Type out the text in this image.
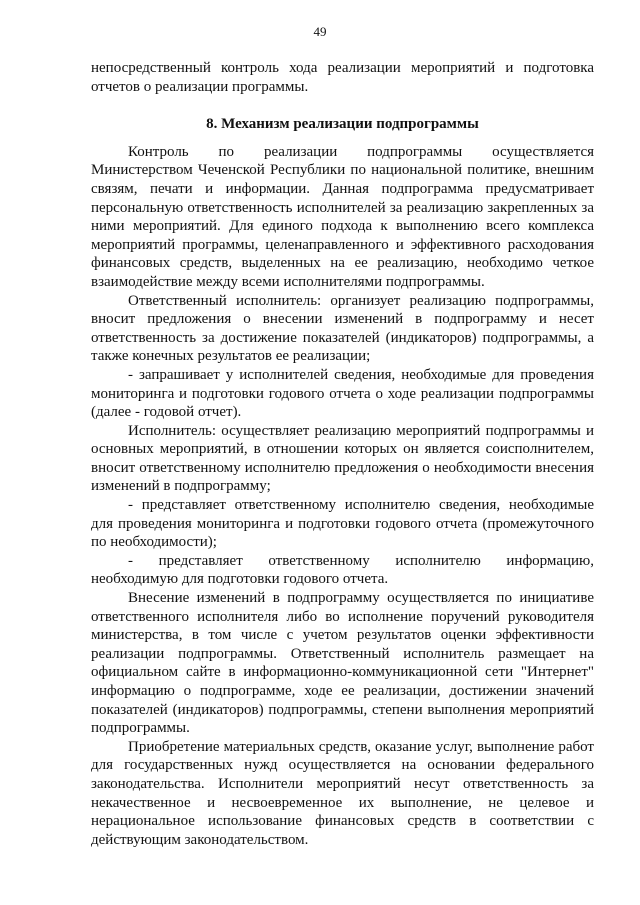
49

непосредственный контроль хода реализации мероприятий и подготовка отчетов о реализации программы.

8. Механизм реализации подпрограммы

Контроль по реализации подпрограммы осуществляется Министерством Чеченской Республики по национальной политике, внешним связям, печати и информации. Данная подпрограмма предусматривает персональную ответственность исполнителей за реализацию закрепленных за ними мероприятий. Для единого подхода к выполнению всего комплекса мероприятий программы, целенаправленного и эффективного расходования финансовых средств, выделенных на ее реализацию, необходимо четкое взаимодействие между всеми исполнителями подпрограммы.

Ответственный исполнитель: организует реализацию подпрограммы, вносит предложения о внесении изменений в подпрограмму и несет ответственность за достижение показателей (индикаторов) подпрограммы, а также конечных результатов ее реализации;

- запрашивает у исполнителей сведения, необходимые для проведения мониторинга и подготовки годового отчета о ходе реализации подпрограммы (далее - годовой отчет).

Исполнитель: осуществляет реализацию мероприятий подпрограммы и основных мероприятий, в отношении которых он является соисполнителем, вносит ответственному исполнителю предложения о необходимости внесения изменений в подпрограмму;

- представляет ответственному исполнителю сведения, необходимые для проведения мониторинга и подготовки годового отчета (промежуточного по необходимости);

- представляет ответственному исполнителю информацию, необходимую для подготовки годового отчета.

Внесение изменений в подпрограмму осуществляется по инициативе ответственного исполнителя либо во исполнение поручений руководителя министерства, в том числе с учетом результатов оценки эффективности реализации подпрограммы. Ответственный исполнитель размещает на официальном сайте в информационно-коммуникационной сети "Интернет" информацию о подпрограмме, ходе ее реализации, достижении значений показателей (индикаторов) подпрограммы, степени выполнения мероприятий подпрограммы.

Приобретение материальных средств, оказание услуг, выполнение работ для государственных нужд осуществляется на основании федерального законодательства. Исполнители мероприятий несут ответственность за некачественное и несвоевременное их выполнение, не целевое и нерациональное использование финансовых средств в соответствии с действующим законодательством.
